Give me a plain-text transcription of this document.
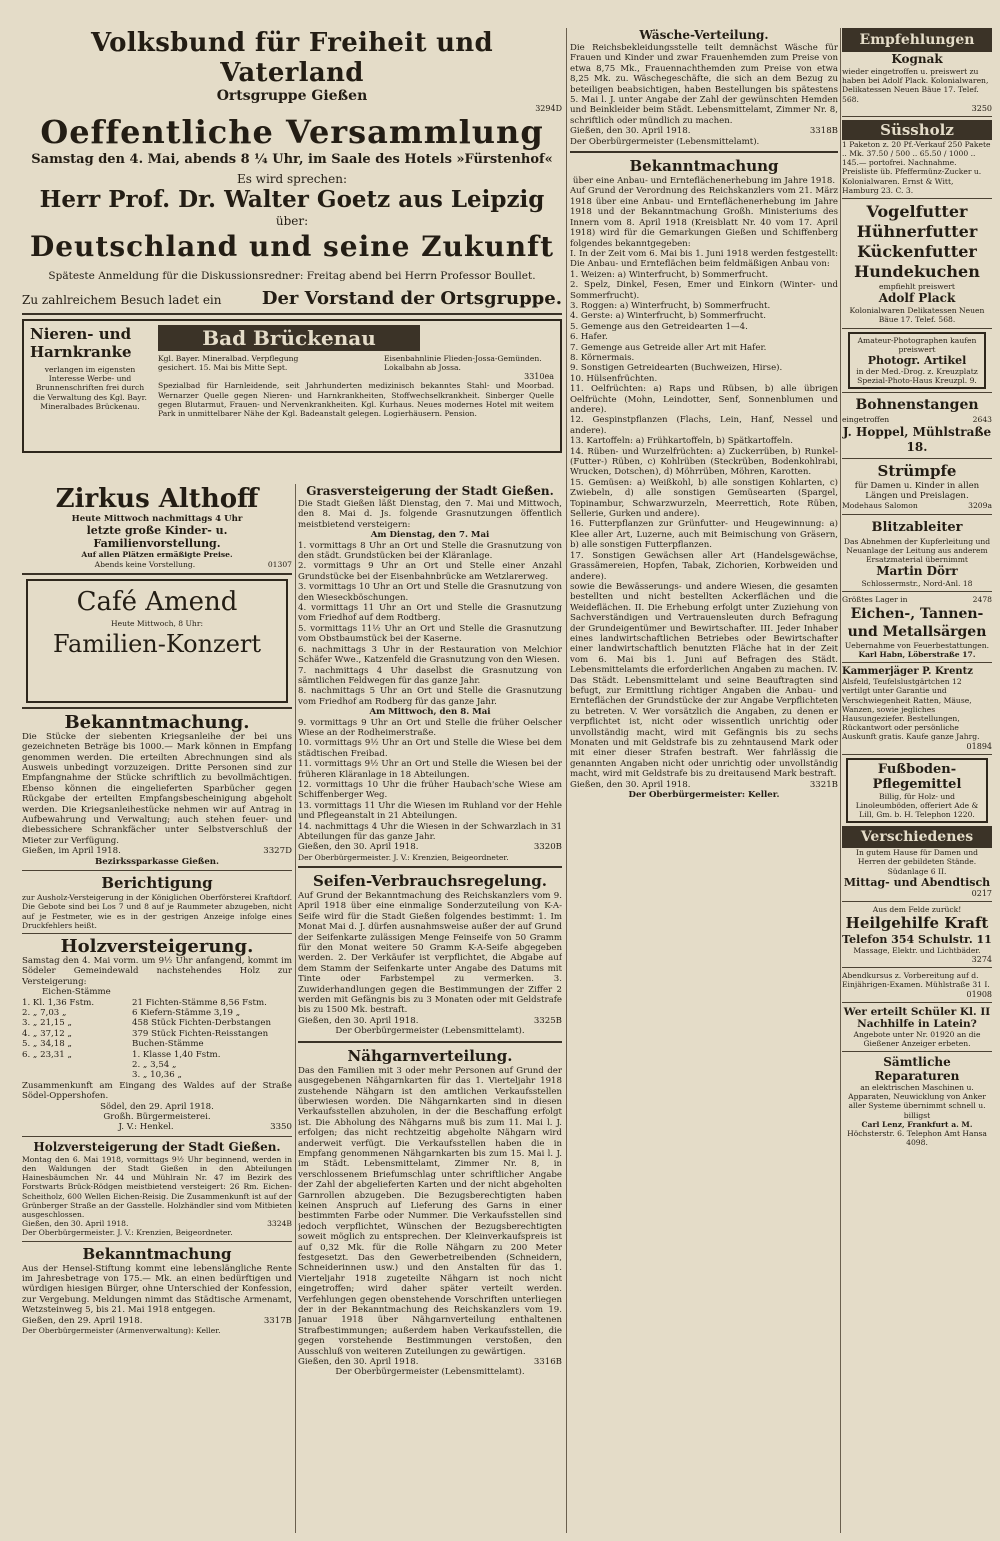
Volksbund für Freiheit und Vaterland
Ortsgruppe Gießen
3294D
Oeffentliche Versammlung
Samstag den 4. Mai, abends 8 ¼ Uhr, im Saale des Hotels »Fürstenhof«
Es wird sprechen:
Herr Prof. Dr. Walter Goetz aus Leipzig
über:
Deutschland und seine Zukunft
Späteste Anmeldung für die Diskussionsredner: Freitag abend bei Herrn Professor Boullet.
Zu zahlreichem Besuch ladet ein Der Vorstand der Ortsgruppe.
Nieren- und
Harnkranke
verlangen im eigensten Interesse Werbe- und Brunnenschriften frei durch die Verwaltung des Kgl. Bayr. Mineralbades Brückenau.
Bad Brückenau
Kgl. Bayer. Mineralbad. Verpflegung gesichert. 15. Mai bis Mitte Sept.
Eisenbahnlinie Flieden-Jossa-Gemünden. Lokalbahn ab Jossa.
3310ea
Spezialbad für Harnleidende, seit Jahrhunderten medizinisch bekanntes Stahl- und Moorbad. Wernarzer Quelle gegen Nieren- und Harnkrankheiten, Stoffwechselkrankheit. Sinberger Quelle gegen Blutarmut, Frauen- und Nervenkrankheiten. Kgl. Kurhaus. Neues modernes Hotel mit weitem Park in unmittelbarer Nähe der Kgl. Badeanstalt gelegen. Logierhäusern. Pension.
Zirkus Althoff
Heute Mittwoch nachmittags 4 Uhr
letzte große Kinder- u. Familienvorstellung.
Auf allen Plätzen ermäßigte Preise.
Abends keine Vorstellung.	01307
Café Amend
Heute Mittwoch, 8 Uhr:
Familien-Konzert
Bekanntmachung.
Die Stücke der siebenten Kriegsanleihe der bei uns gezeichneten Beträge bis 1000.— Mark können in Empfang genommen werden. Die erteilten Abrechnungen sind als Ausweis unbedingt vorzuzeigen. Dritte Personen sind zur Empfangnahme der Stücke schriftlich zu bevollmächtigen. Ebenso können die eingelieferten Sparbücher gegen Rückgabe der erteilten Empfangsbescheinigung abgeholt werden. Die Kriegsanleihestücke nehmen wir auf Antrag in Aufbewahrung und Verwaltung; auch stehen feuer- und diebessichere Schrankfächer unter Selbstverschluß der Mieter zur Verfügung.
Gießen, im April 1918.	3327D
Bezirkssparkasse Gießen.
Berichtigung
zur Ausholz-Versteigerung in der Königlichen Oberförsterei Kraftdorf. Die Gebote sind bei Los 7 und 8 auf je Raummeter abzugeben, nicht auf je Festmeter, wie es in der gestrigen Anzeige infolge eines Druckfehlers heißt.
Holzversteigerung.
Samstag den 4. Mai vorm. um 9½ Uhr anfangend, kommt im Södeler Gemeindewald nachstehendes Holz zur Versteigerung:
Eichen-Stämme
1. Kl. 1,36 Fstm.	21 Fichten-Stämme 8,56 Fstm.
2. „ 7,03 „	6 Kiefern-Stämme 3,19 „
3. „ 21,15 „	458 Stück Fichten-Derbstangen
4. „ 37,12 „	379 Stück Fichten-Reisstangen
5. „ 34,18 „	Buchen-Stämme
6. „ 23,31 „	1. Klasse 1,40 Fstm.
2. „ 3,54 „
3. „ 10,36 „
Zusammenkunft am Eingang des Waldes auf der Straße Södel-Oppershofen.
Södel, den 29. April 1918.
Großh. Bürgermeisterei.
J. V.: Henkel.	3350
Holzversteigerung der Stadt Gießen.
Montag den 6. Mai 1918, vormittags 9½ Uhr beginnend, werden in den Waldungen der Stadt Gießen in den Abteilungen Hainesbäumchen Nr. 44 und Mühlrain Nr. 47 im Bezirk des Forstwarts Brück-Rödgen meistbietend versteigert: 26 Rm. Eichen-Scheitholz, 600 Wellen Eichen-Reisig. Die Zusammenkunft ist auf der Grünberger Straße an der Gasstelle. Holzhändler sind vom Mitbieten ausgeschlossen.
Gießen, den 30. April 1918.	3324B
Der Oberbürgermeister. J. V.: Krenzien, Beigeordneter.
Bekanntmachung
Aus der Hensel-Stiftung kommt eine lebenslängliche Rente im Jahresbetrage von 175.— Mk. an einen bedürftigen und würdigen hiesigen Bürger, ohne Unterschied der Konfession, zur Vergebung. Meldungen nimmt das Städtische Armenamt, Wetzsteinweg 5, bis 21. Mai 1918 entgegen.
Gießen, den 29. April 1918.	3317B
Der Oberbürgermeister (Armenverwaltung): Keller.
Grasversteigerung der Stadt Gießen.
Die Stadt Gießen läßt Dienstag, den 7. Mai und Mittwoch, den 8. Mai d. Js. folgende Grasnutzungen öffentlich meistbietend versteigern:
Am Dienstag, den 7. Mai
1. vormittags 8 Uhr an Ort und Stelle die Grasnutzung von den städt. Grundstücken bei der Kläranlage.
2. vormittags 9 Uhr an Ort und Stelle einer Anzahl Grundstücke bei der Eisenbahnbrücke am Wetzlarerweg.
3. vormittags 10 Uhr an Ort und Stelle die Grasnutzung von den Wieseckböschungen.
4. vormittags 11 Uhr an Ort und Stelle die Grasnutzung vom Friedhof auf dem Rodtberg.
5. vormittags 11½ Uhr an Ort und Stelle die Grasnutzung vom Obstbaumstück bei der Kaserne.
6. nachmittags 3 Uhr in der Restauration von Melchior Schäfer Wwe., Katzenfeld die Grasnutzung von den Wiesen.
7. nachmittags 4 Uhr daselbst die Grasnutzung von sämtlichen Feldwegen für das ganze Jahr.
8. nachmittags 5 Uhr an Ort und Stelle die Grasnutzung vom Friedhof am Rodberg für das ganze Jahr.
Am Mittwoch, den 8. Mai
9. vormittags 9 Uhr an Ort und Stelle die früher Oelscher Wiese an der Rodheimerstraße.
10. vormittags 9½ Uhr an Ort und Stelle die Wiese bei dem städtischen Freibad.
11. vormittags 9½ Uhr an Ort und Stelle die Wiesen bei der früheren Kläranlage in 18 Abteilungen.
12. vormittags 10 Uhr die früher Haubach'sche Wiese am Schiffenberger Weg.
13. vormittags 11 Uhr die Wiesen im Ruhland vor der Hehle und Pflegeanstalt in 21 Abteilungen.
14. nachmittags 4 Uhr die Wiesen in der Schwarzlach in 31 Abteilungen für das ganze Jahr.
Gießen, den 30. April 1918.	3320B
Der Oberbürgermeister. J. V.: Krenzien, Beigeordneter.
Seifen-Verbrauchsregelung.
Auf Grund der Bekanntmachung des Reichskanzlers vom 9. April 1918 über eine einmalige Sonderzuteilung von K-A-Seife wird für die Stadt Gießen folgendes bestimmt: 1. Im Monat Mai d. J. dürfen ausnahmsweise außer der auf Grund der Seifenkarte zulässigen Menge Feinseife von 50 Gramm für den Monat weitere 50 Gramm K-A-Seife abgegeben werden. 2. Der Verkäufer ist verpflichtet, die Abgabe auf dem Stamm der Seifenkarte unter Angabe des Datums mit Tinte oder Farbstempel zu vermerken. 3. Zuwiderhandlungen gegen die Bestimmungen der Ziffer 2 werden mit Gefängnis bis zu 3 Monaten oder mit Geldstrafe bis zu 1500 Mk. bestraft.
Gießen, den 30. April 1918.	3325B
Der Oberbürgermeister (Lebensmittelamt).
Nähgarnverteilung.
Das den Familien mit 3 oder mehr Personen auf Grund der ausgegebenen Nähgarnkarten für das 1. Vierteljahr 1918 zustehende Nähgarn ist den amtlichen Verkaufsstellen überwiesen worden. Die Nähgarnkarten sind in diesen Verkaufsstellen abzuholen, in der die Beschaffung erfolgt ist. Die Abholung des Nähgarns muß bis zum 11. Mai l. J. erfolgen; das nicht rechtzeitig abgeholte Nähgarn wird anderweit verfügt. Die Verkaufsstellen haben die in Empfang genommenen Nähgarnkarten bis zum 15. Mai l. J. im Städt. Lebensmittelamt, Zimmer Nr. 8, in verschlossenem Briefumschlag unter schriftlicher Angabe der Zahl der abgelieferten Karten und der nicht abgeholten Garnrollen abzugeben. Die Bezugsberechtigten haben keinen Anspruch auf Lieferung des Garns in einer bestimmten Farbe oder Nummer. Die Verkaufsstellen sind jedoch verpflichtet, Wünschen der Bezugsberechtigten soweit möglich zu entsprechen. Der Kleinverkaufspreis ist auf 0,32 Mk. für die Rolle Nähgarn zu 200 Meter festgesetzt. Das den Gewerbetreibenden (Schneidern, Schneiderinnen usw.) und den Anstalten für das 1. Vierteljahr 1918 zugeteilte Nähgarn ist noch nicht eingetroffen; wird daher später verteilt werden. Verfehlungen gegen obenstehende Vorschriften unterliegen der in der Bekanntmachung des Reichskanzlers vom 19. Januar 1918 über Nähgarnverteilung enthaltenen Strafbestimmungen; außerdem haben Verkaufsstellen, die gegen vorstehende Bestimmungen verstoßen, den Ausschluß von weiteren Zuteilungen zu gewärtigen.
Gießen, den 30. April 1918.	3316B
Der Oberbürgermeister (Lebensmittelamt).
Wäsche-Verteilung.
Die Reichsbekleidungsstelle teilt demnächst Wäsche für Frauen und Kinder und zwar Frauenhemden zum Preise von etwa 8,75 Mk., Frauennachthemden zum Preise von etwa 8,25 Mk. zu. Wäschegeschäfte, die sich an dem Bezug zu beteiligen beabsichtigen, haben Bestellungen bis spätestens 5. Mai l. J. unter Angabe der Zahl der gewünschten Hemden und Beinkleider beim Städt. Lebensmittelamt, Zimmer Nr. 8, schriftlich oder mündlich zu machen.
Gießen, den 30. April 1918.	3318B
Der Oberbürgermeister (Lebensmittelamt).
Bekanntmachung
über eine Anbau- und Ernteflächenerhebung im Jahre 1918.
Auf Grund der Verordnung des Reichskanzlers vom 21. März 1918 über eine Anbau- und Ernteflächenerhebung im Jahre 1918 und der Bekanntmachung Großh. Ministeriums des Innern vom 8. April 1918 (Kreisblatt Nr. 40 vom 17. April 1918) wird für die Gemarkungen Gießen und Schiffenberg folgendes bekanntgegeben:
I. In der Zeit vom 6. Mai bis 1. Juni 1918 werden festgestellt: Die Anbau- und Ernteflächen beim feldmäßigen Anbau von:
1. Weizen: a) Winterfrucht, b) Sommerfrucht.
2. Spelz, Dinkel, Fesen, Emer und Einkorn (Winter- und Sommerfrucht).
3. Roggen: a) Winterfrucht, b) Sommerfrucht.
4. Gerste: a) Winterfrucht, b) Sommerfrucht.
5. Gemenge aus den Getreidearten 1—4.
6. Hafer.
7. Gemenge aus Getreide aller Art mit Hafer.
8. Körnermais.
9. Sonstigen Getreidearten (Buchweizen, Hirse).
10. Hülsenfrüchten.
11. Oelfrüchten: a) Raps und Rübsen, b) alle übrigen Oelfrüchte (Mohn, Leindotter, Senf, Sonnenblumen und andere).
12. Gespinstpflanzen (Flachs, Lein, Hanf, Nessel und andere).
13. Kartoffeln: a) Frühkartoffeln, b) Spätkartoffeln.
14. Rüben- und Wurzelfrüchten: a) Zuckerrüben, b) Runkel- (Futter-) Rüben, c) Kohlrüben (Steckrüben, Bodenkohlrabi, Wrucken, Dotschen), d) Möhrrüben, Möhren, Karotten.
15. Gemüsen: a) Weißkohl, b) alle sonstigen Kohlarten, c) Zwiebeln, d) alle sonstigen Gemüsearten (Spargel, Topinambur, Schwarzwurzeln, Meerrettich, Rote Rüben, Sellerie, Gurken und andere).
16. Futterpflanzen zur Grünfutter- und Heugewinnung: a) Klee aller Art, Luzerne, auch mit Beimischung von Gräsern, b) alle sonstigen Futterpflanzen.
17. Sonstigen Gewächsen aller Art (Handelsgewächse, Grassämereien, Hopfen, Tabak, Zichorien, Korbweiden und andere).
sowie die Bewässerungs- und andere Wiesen, die gesamten bestellten und nicht bestellten Ackerflächen und die Weideflächen. II. Die Erhebung erfolgt unter Zuziehung von Sachverständigen und Vertrauensleuten durch Befragung der Grundeigentümer und Bewirtschafter. III. Jeder Inhaber eines landwirtschaftlichen Betriebes oder Bewirtschafter einer landwirtschaftlich benutzten Fläche hat in der Zeit vom 6. Mai bis 1. Juni auf Befragen des Städt. Lebensmittelamts die erforderlichen Angaben zu machen. IV. Das Städt. Lebensmittelamt und seine Beauftragten sind befugt, zur Ermittlung richtiger Angaben die Anbau- und Ernteflächen der Grundstücke der zur Angabe Verpflichteten zu betreten. V. Wer vorsätzlich die Angaben, zu denen er verpflichtet ist, nicht oder wissentlich unrichtig oder unvollständig macht, wird mit Gefängnis bis zu sechs Monaten und mit Geldstrafe bis zu zehntausend Mark oder mit einer dieser Strafen bestraft. Wer fahrlässig die genannten Angaben nicht oder unrichtig oder unvollständig macht, wird mit Geldstrafe bis zu dreitausend Mark bestraft.
Gießen, den 30. April 1918.	3321B
Der Oberbürgermeister: Keller.
Empfehlungen
Kognak
wieder eingetroffen u. preiswert zu haben bei Adolf Plack. Kolonialwaren, Delikatessen Neuen Bäue 17. Telef. 568.
3250
Süssholz
1 Paketon z. 20 Pf.-Verkauf 250 Pakete .. Mk. 37.50 / 500 .. 65.50 / 1000 .. 145.— portofrei. Nachnahme. Preisliste üb. Pfeffermünz-Zucker u. Kolonialwaren. Ernst & Witt, Hamburg 23. C. 3.
Vogelfutter
Hühnerfutter
Kückenfutter
Hundekuchen
empfiehlt preiswert
Adolf Plack
Kolonialwaren Delikatessen Neuen Bäue 17. Telef. 568.
Amateur-Photographen kaufen preiswert
Photogr. Artikel
in der Med.-Drog. z. Kreuzplatz Spezial-Photo-Haus Kreuzpl. 9.
Bohnenstangen
eingetroffen	2643
J. Hoppel, Mühlstraße 18.
Strümpfe
für Damen u. Kinder in allen Längen und Preislagen.
Modehaus Salomon	3209a
Blitzableiter
Das Abnehmen der Kupferleitung und Neuanlage der Leitung aus anderem Ersatzmaterial übernimmt
Martin Dörr
Schlossermstr., Nord-Anl. 18
Größtes Lager in	2478
Eichen-, Tannen- und Metallsärgen
Uebernahme von Feuerbestattungen.
Karl Habn, Löberstraße 17.
Kammerjäger P. Krentz
Alsfeld, Teufelslustgärtchen 12 vertilgt unter Garantie und Verschwiegenheit Ratten, Mäuse, Wanzen, sowie jegliches Hausungeziefer. Bestellungen, Rückantwort oder persönliche Auskunft gratis. Kaufe ganze Jahrg.
01894
Fußboden-Pflegemittel
Billig, für Holz- und Linoleumböden, offeriert Ade & Lill, Gm. b. H. Telephon 1220.
Verschiedenes
In gutem Hause für Damen und Herren der gebildeten Stände. Südanlage 6 II.
Mittag- und Abendtisch
0217
Aus dem Felde zurück!
Heilgehilfe Kraft
Telefon 354 Schulstr. 11
Massage, Elektr. und Lichtbäder.
3274
Abendkursus z. Vorbereitung auf d. Einjährigen-Examen. Mühlstraße 31 I.
01908
Wer erteilt Schüler Kl. II Nachhilfe in Latein?
Angebote unter Nr. 01920 an die Gießener Anzeiger erbeten.
Sämtliche Reparaturen
an elektrischen Maschinen u. Apparaten, Neuwicklung von Anker aller Systeme übernimmt schnell u. billigst
Carl Lenz, Frankfurt a. M.
Höchsterstr. 6. Telephon Amt Hansa 4098.
